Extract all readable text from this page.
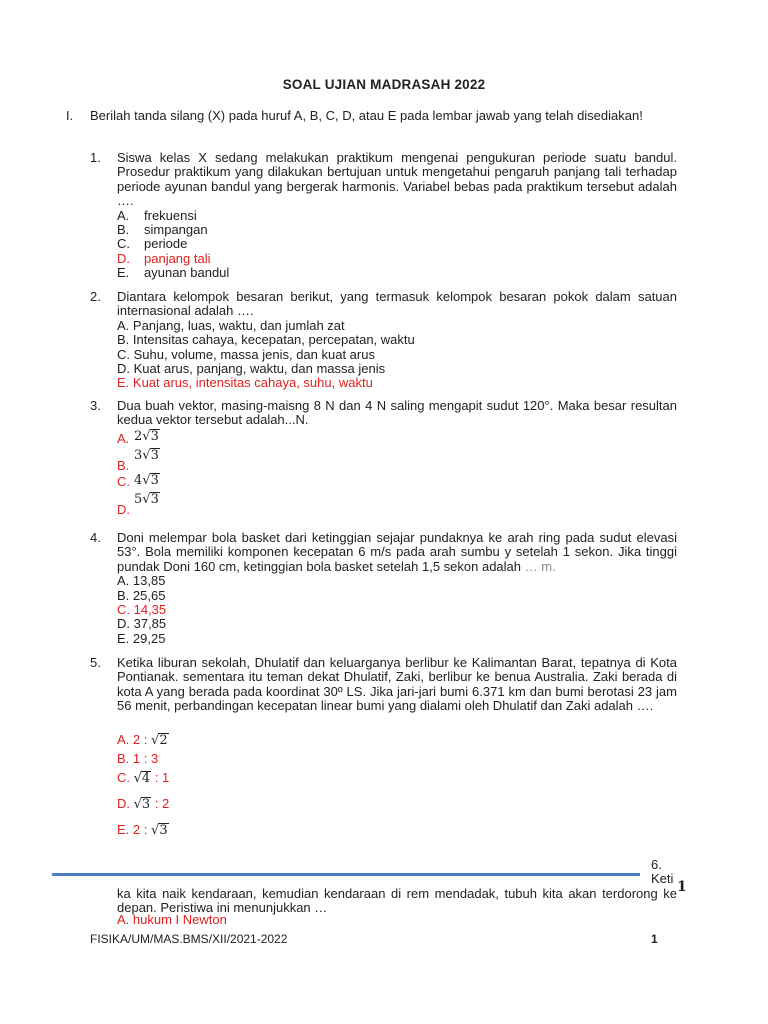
SOAL UJIAN MADRASAH 2022
I. Berilah tanda silang (X) pada huruf A, B, C, D, atau E pada lembar jawab yang telah disediakan!
1. Siswa kelas X sedang melakukan praktikum mengenai pengukuran periode suatu bandul. Prosedur praktikum yang dilakukan bertujuan untuk mengetahui pengaruh panjang tali terhadap periode ayunan bandul yang bergerak harmonis. Variabel bebas pada praktikum tersebut adalah ….
A. frekuensi
B. simpangan
C. periode
D. panjang tali
E. ayunan bandul
2. Diantara kelompok besaran berikut, yang termasuk kelompok besaran pokok dalam satuan internasional adalah ….
A. Panjang, luas, waktu, dan jumlah zat
B. Intensitas cahaya, kecepatan, percepatan, waktu
C. Suhu, volume, massa jenis, dan kuat arus
D. Kuat arus, panjang, waktu, dan massa jenis
E. Kuat arus, intensitas cahaya, suhu, waktu
3. Dua buah vektor, masing-maisng 8 N dan 4 N saling mengapit sudut 120°. Maka besar resultan kedua vektor tersebut adalah...N.
A. 2√3
3√3
B.
C. 4√3
5√3
D.
4. Doni melempar bola basket dari ketinggian sejajar pundaknya ke arah ring pada sudut elevasi 53°. Bola memiliki komponen kecepatan 6 m/s pada arah sumbu y setelah 1 sekon. Jika tinggi pundak Doni 160 cm, ketinggian bola basket setelah 1,5 sekon adalah … m.
A. 13,85
B. 25,65
C. 14,35
D. 37,85
E. 29,25
5. Ketika liburan sekolah, Dhulatif dan keluarganya berlibur ke Kalimantan Barat, tepatnya di Kota Pontianak. sementara itu teman dekat Dhulatif, Zaki, berlibur ke benua Australia. Zaki berada di kota A yang berada pada koordinat 30º LS. Jika jari-jari bumi 6.371 km dan bumi berotasi 23 jam 56 menit, perbandingan kecepatan linear bumi yang dialami oleh Dhulatif dan Zaki adalah ….
A. 2 : √2
B. 1 : 3
C. √4 : 1
D. √3 : 2
E. 2 : √3
6.
Keti
ka kita naik kendaraan, kemudian kendaraan di rem mendadak, tubuh kita akan terdorong ke depan. Peristiwa ini menunjukkan …
1
A. hukum I Newton
FISIKA/UM/MAS.BMS/XII/2021-2022	1
